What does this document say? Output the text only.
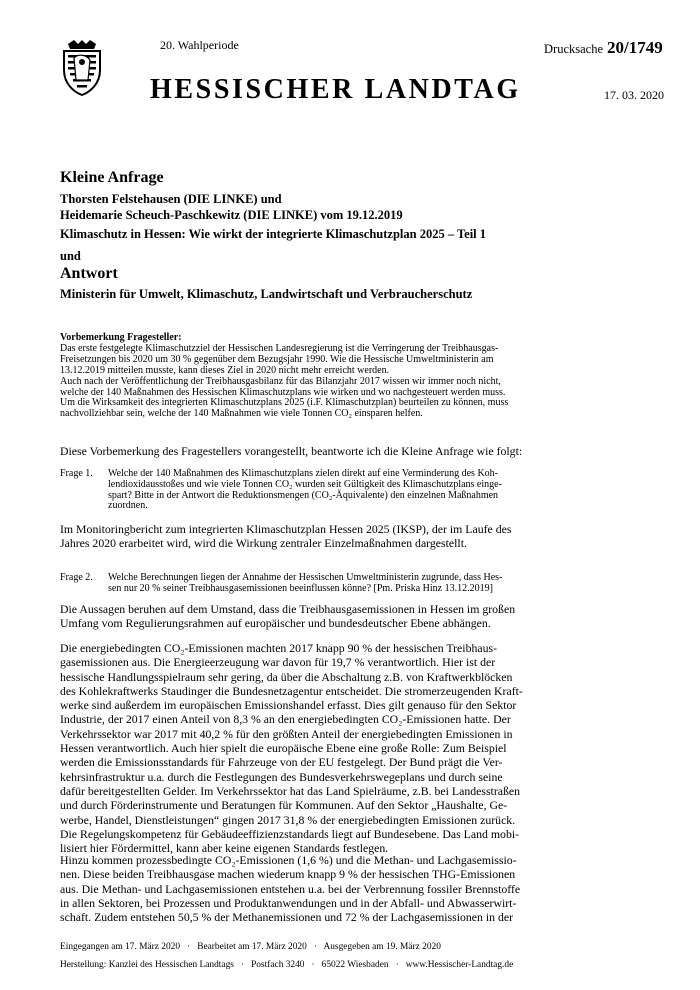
20. Wahlperiode
HESSISCHER LANDTAG
Drucksache 20/1749
17. 03. 2020

Kleine Anfrage

Thorsten Felstehausen (DIE LINKE) und

Heidemarie Scheuch-Paschkewitz (DIE LINKE) vom 19.12.2019

Klimaschutz in Hessen: Wie wirkt der integrierte Klimaschutzplan 2025 – Teil 1

und

Antwort

Ministerin für Umwelt, Klimaschutz, Landwirtschaft und Verbraucherschutz

Vorbemerkung Fragesteller:
Das erste festgelegte Klimaschutzziel der Hessischen Landesregierung ist die Verringerung der Treibhausgas-
Freisetzungen bis 2020 um 30 % gegenüber dem Bezugsjahr 1990. Wie die Hessische Umweltministerin am
13.12.2019 mitteilen musste, kann dieses Ziel in 2020 nicht mehr erreicht werden.
Auch nach der Veröffentlichung der Treibhausgasbilanz für das Bilanzjahr 2017 wissen wir immer noch nicht,
welche der 140 Maßnahmen des Hessischen Klimaschutzplans wie wirken und wo nachgesteuert werden muss.
Um die Wirksamkeit des integrierten Klimaschutzplans 2025 (i.F. Klimaschutzplan) beurteilen zu können, muss
nachvollziehbar sein, welche der 140 Maßnahmen wie viele Tonnen CO₂ einsparen helfen.
Diese Vorbemerkung des Fragestellers vorangestellt, beantworte ich die Kleine Anfrage wie folgt:
Frage 1.	Welche der 140 Maßnahmen des Klimaschutzplans zielen direkt auf eine Verminderung des Koh-
lendioxidausstoßes und wie viele Tonnen CO₂ wurden seit Gültigkeit des Klimaschutzplans einge-
spart? Bitte in der Antwort die Reduktionsmengen (CO₂-Äquivalente) den einzelnen Maßnahmen
zuordnen.
Im Monitoringbericht zum integrierten Klimaschutzplan Hessen 2025 (IKSP), der im Laufe des
Jahres 2020 erarbeitet wird, wird die Wirkung zentraler Einzelmaßnahmen dargestellt.
Frage 2.	Welche Berechnungen liegen der Annahme der Hessischen Umweltministerin zugrunde, dass Hes-
sen nur 20 % seiner Treibhausgasemissionen beeinflussen könne? [Pm. Priska Hinz 13.12.2019]
Die Aussagen beruhen auf dem Umstand, dass die Treibhausgasemissionen in Hessen im großen
Umfang vom Regulierungsrahmen auf europäischer und bundesdeutscher Ebene abhängen.
Die energiebedingten CO₂-Emissionen machten 2017 knapp 90 % der hessischen Treibhaus-
gasemissionen aus. Die Energieerzeugung war davon für 19,7 % verantwortlich. Hier ist der
hessische Handlungsspielraum sehr gering, da über die Abschaltung z.B. von Kraftwerkblöcken
des Kohlekraftwerks Staudinger die Bundesnetzagentur entscheidet. Die stromerzeugenden Kraft-
werke sind außerdem im europäischen Emissionshandel erfasst. Dies gilt genauso für den Sektor
Industrie, der 2017 einen Anteil von 8,3 % an den energiebedingten CO₂-Emissionen hatte. Der
Verkehrssektor war 2017 mit 40,2 % für den größten Anteil der energiebedingten Emissionen in
Hessen verantwortlich. Auch hier spielt die europäische Ebene eine große Rolle: Zum Beispiel
werden die Emissionsstandards für Fahrzeuge von der EU festgelegt. Der Bund prägt die Ver-
kehrsinfrastruktur u.a. durch die Festlegungen des Bundesverkehrswegeplans und durch seine
dafür bereitgestellten Gelder. Im Verkehrssektor hat das Land Spielräume, z.B. bei Landesstraßen
und durch Förderinstrumente und Beratungen für Kommunen. Auf den Sektor „Haushalte, Ge-
werbe, Handel, Dienstleistungen“ gingen 2017 31,8 % der energiebedingten Emissionen zurück.
Die Regelungskompetenz für Gebäudeeffizienzstandards liegt auf Bundesebene. Das Land mobi-
lisiert hier Fördermittel, kann aber keine eigenen Standards festlegen.
Hinzu kommen prozessbedingte CO₂-Emissionen (1,6 %) und die Methan- und Lachgasemissio-
nen. Diese beiden Treibhausgase machen wiederum knapp 9 % der hessischen THG-Emissionen
aus. Die Methan- und Lachgasemissionen entstehen u.a. bei der Verbrennung fossiler Brennstoffe
in allen Sektoren, bei Prozessen und Produktanwendungen und in der Abfall- und Abwasserwirt-
schaft. Zudem entstehen 50,5 % der Methanemissionen und 72 % der Lachgasemissionen in der
Eingegangen am 17. März 2020   ·   Bearbeitet am 17. März 2020   ·   Ausgegeben am 19. März 2020
Herstellung: Kanzlei des Hessischen Landtags   ·   Postfach 3240   ·   65022 Wiesbaden   ·   www.Hessischer-Landtag.de
